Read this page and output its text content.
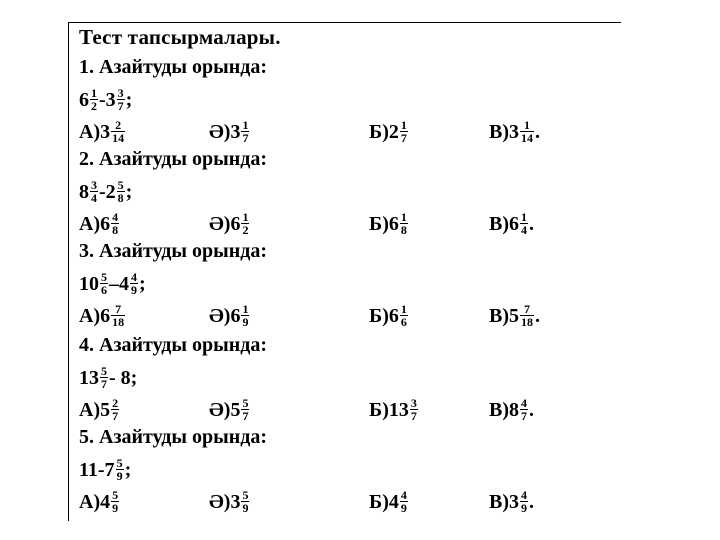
Тест тапсырмалары.
1. Азайтуды орында:
$6 \frac{1}{2} -3 \frac{3}{7}$ ;
$А)3 \frac{2}{14}$	$Ә)3 \frac{1}{7}$	$Б)2 \frac{1}{7}$	$В)3 \frac{1}{14}$ .
2. Азайтуды орында:
$8 \frac{3}{4} -2 \frac{5}{8}$ ;
$А)6 \frac{4}{8}$	$Ә)6 \frac{1}{2}$	$Б)6 \frac{1}{8}$	$В)6 \frac{1}{4}$ .
3. Азайтуды орында:
$10 \frac{5}{6} -4 \frac{4}{9}$ ;
$А)6 \frac{7}{18}$	$Ә)6 \frac{1}{9}$	$Б)6 \frac{1}{6}$	$В)5 \frac{7}{18}$ .
4. Азайтуды орында:
$13 \frac{5}{7} - 8$;
$А)5 \frac{2}{7}$	$Ә)5 \frac{5}{7}$	$Б)13 \frac{3}{7}$	$В)8 \frac{4}{7}$ .
5. Азайтуды орында:
$11-7 \frac{5}{9}$ ;
$А)4 \frac{5}{9}$	$Ә)3 \frac{5}{9}$	$Б)4 \frac{4}{9}$	$В)3 \frac{4}{9}$ .
